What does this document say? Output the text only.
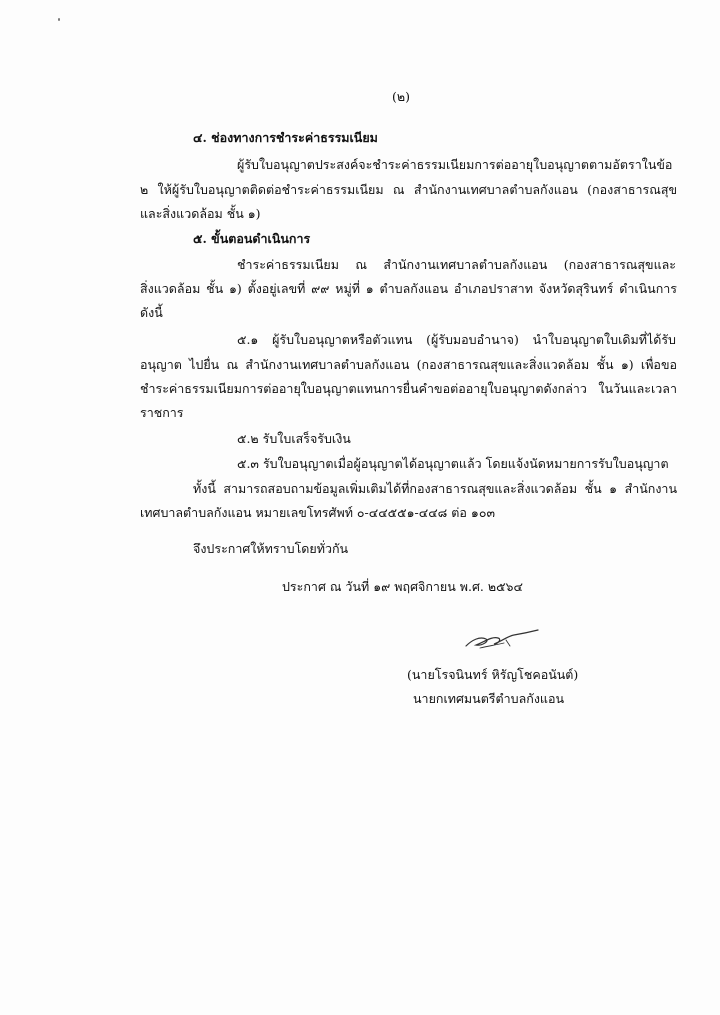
(๒)
๔. ช่องทางการชำระค่าธรรมเนียม
ผู้รับใบอนุญาตประสงค์จะชำระค่าธรรมเนียมการต่ออายุใบอนุญาตตามอัตราในข้อ
๒ ให้ผู้รับใบอนุญาตติดต่อชำระค่าธรรมเนียม ณ สำนักงานเทศบาลตำบลกังแอน (กองสาธารณสุข
และสิ่งแวดล้อม ชั้น ๑)
๕. ขั้นตอนดำเนินการ
ชำระค่าธรรมเนียม ณ สำนักงานเทศบาลตำบลกังแอน (กองสาธารณสุขและ
สิ่งแวดล้อม ชั้น ๑) ตั้งอยู่เลขที่ ๙๙ หมู่ที่ ๑ ตำบลกังแอน อำเภอปราสาท จังหวัดสุรินทร์ ดำเนินการ
ดังนี้
๕.๑ ผู้รับใบอนุญาตหรือตัวแทน (ผู้รับมอบอำนาจ) นำใบอนุญาตใบเดิมที่ได้รับ
อนุญาต ไปยื่น ณ สำนักงานเทศบาลตำบลกังแอน (กองสาธารณสุขและสิ่งแวดล้อม ชั้น ๑) เพื่อขอ
ชำระค่าธรรมเนียมการต่ออายุใบอนุญาตแทนการยื่นคำขอต่ออายุใบอนุญาตดังกล่าว ในวันและเวลา
ราชการ
๕.๒ รับใบเสร็จรับเงิน
๕.๓ รับใบอนุญาตเมื่อผู้อนุญาตได้อนุญาตแล้ว โดยแจ้งนัดหมายการรับใบอนุญาต
ทั้งนี้ สามารถสอบถามข้อมูลเพิ่มเติมได้ที่กองสาธารณสุขและสิ่งแวดล้อม ชั้น ๑ สำนักงาน
เทศบาลตำบลกังแอน หมายเลขโทรศัพท์ ๐-๔๔๕๕๑-๔๔๘ ต่อ ๑๐๓
จึงประกาศให้ทราบโดยทั่วกัน
ประกาศ ณ วันที่ ๑๙ พฤศจิกายน พ.ศ. ๒๕๖๔
(นายโรจนินทร์ หิรัญโชคอนันต์)
นายกเทศมนตรีตำบลกังแอน
